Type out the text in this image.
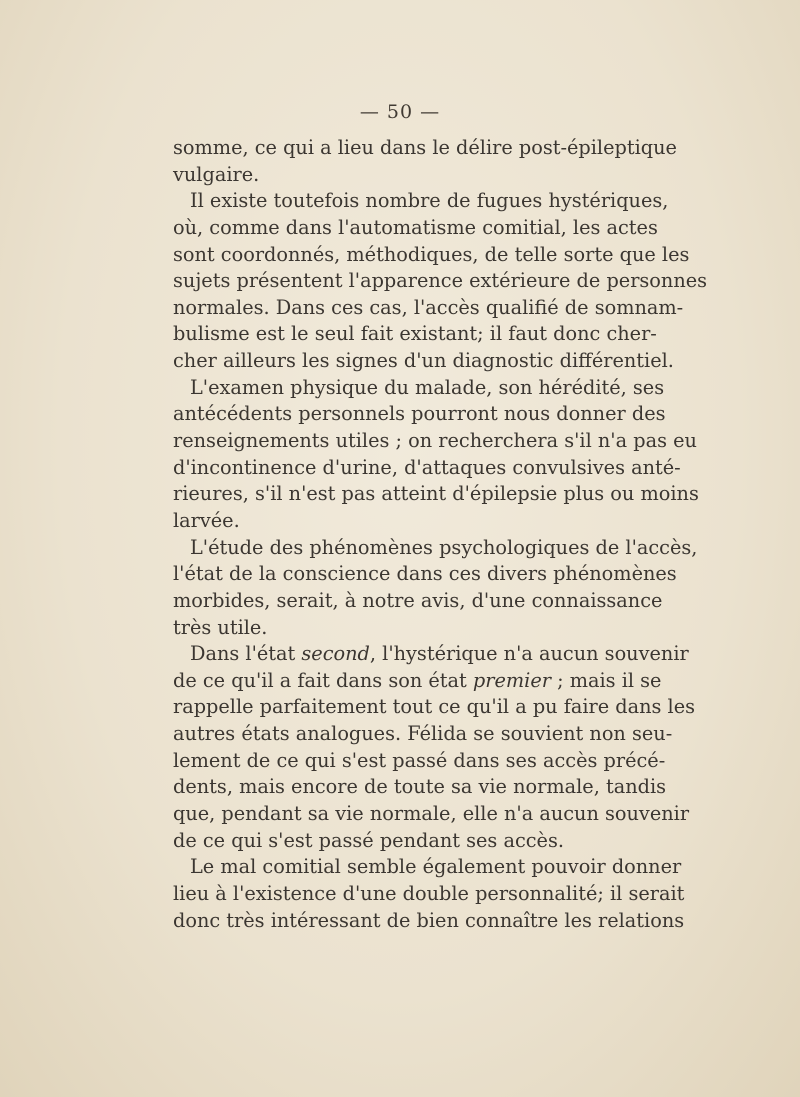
— 50 —
somme, ce qui a lieu dans le délire post-épileptique
vulgaire.
Il existe toutefois nombre de fugues hystériques,
où, comme dans l'automatisme comitial, les actes
sont coordonnés, méthodiques, de telle sorte que les
sujets présentent l'apparence extérieure de personnes
normales. Dans ces cas, l'accès qualifié de somnam-
bulisme est le seul fait existant; il faut donc cher-
cher ailleurs les signes d'un diagnostic différentiel.
L'examen physique du malade, son hérédité, ses
antécédents personnels pourront nous donner des
renseignements utiles ; on recherchera s'il n'a pas eu
d'incontinence d'urine, d'attaques convulsives anté-
rieures, s'il n'est pas atteint d'épilepsie plus ou moins
larvée.
L'étude des phénomènes psychologiques de l'accès,
l'état de la conscience dans ces divers phénomènes
morbides, serait, à notre avis, d'une connaissance
très utile.
Dans l'état second, l'hystérique n'a aucun souvenir
de ce qu'il a fait dans son état premier ; mais il se
rappelle parfaitement tout ce qu'il a pu faire dans les
autres états analogues. Félida se souvient non seu-
lement de ce qui s'est passé dans ses accès précé-
dents, mais encore de toute sa vie normale, tandis
que, pendant sa vie normale, elle n'a aucun souvenir
de ce qui s'est passé pendant ses accès.
Le mal comitial semble également pouvoir donner
lieu à l'existence d'une double personnalité; il serait
donc très intéressant de bien connaître les relations
